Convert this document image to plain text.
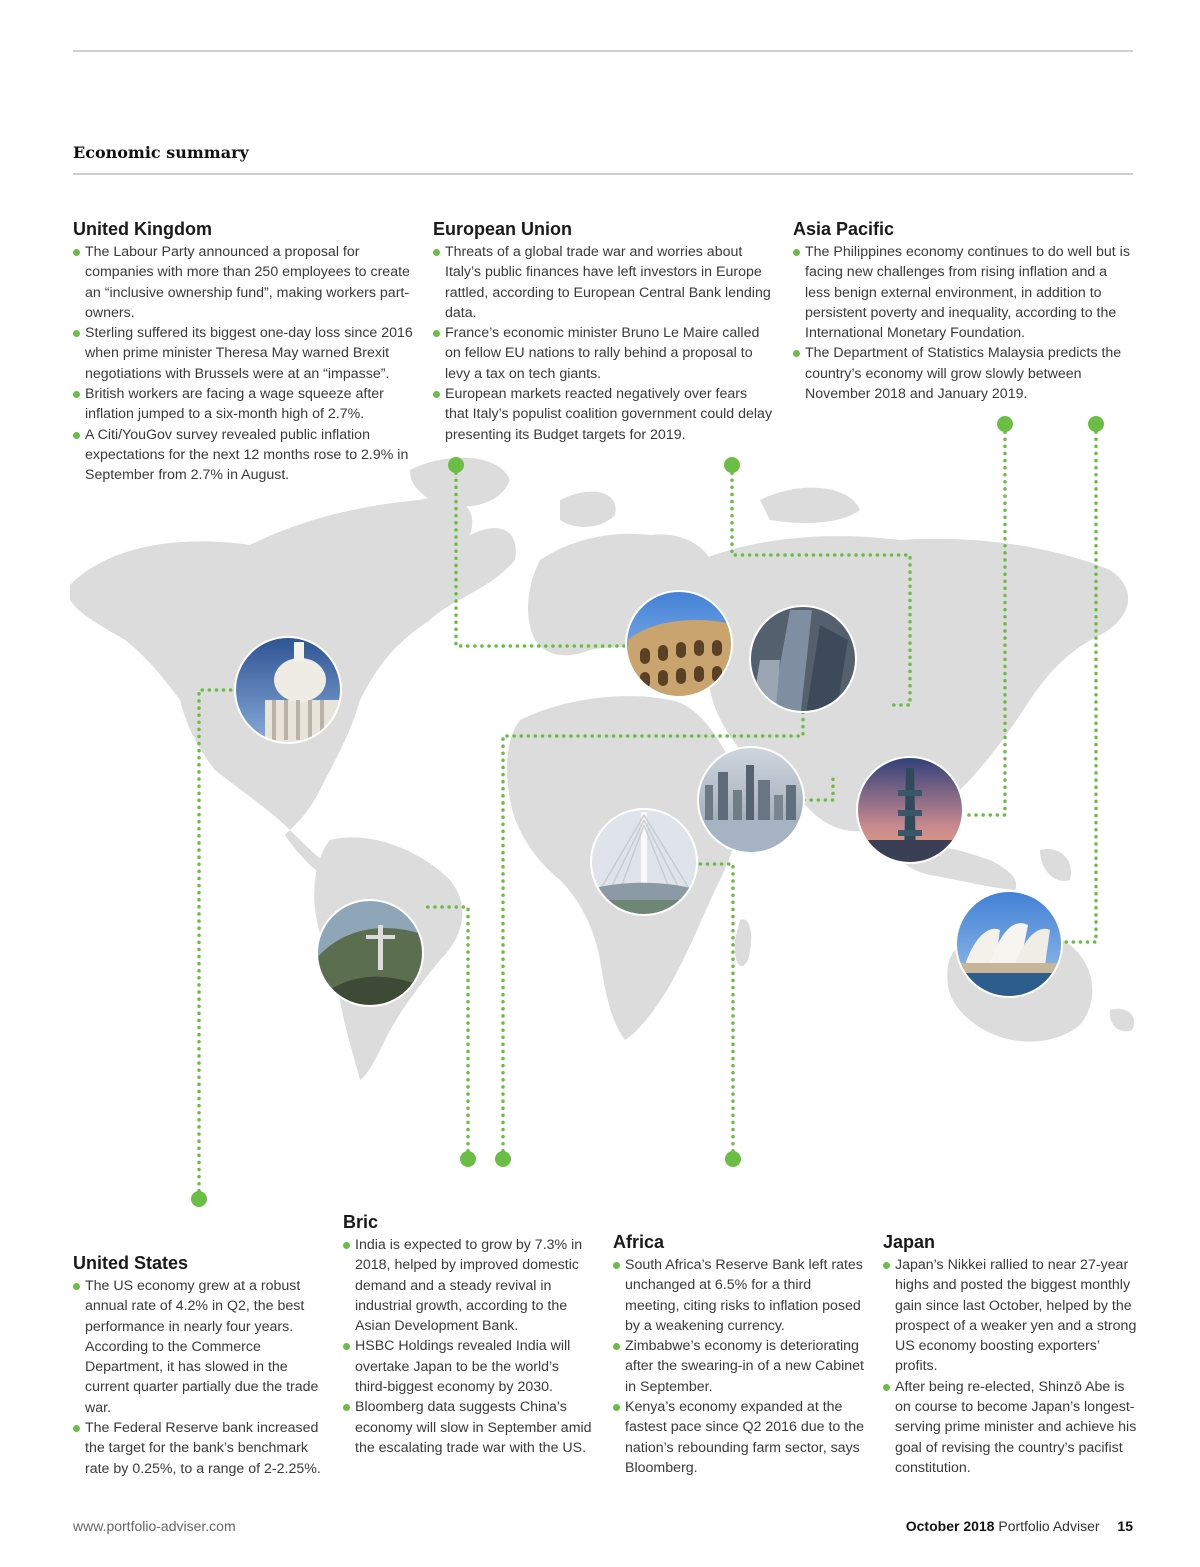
Economic summary
United Kingdom
The Labour Party announced a proposal for companies with more than 250 employees to create an “inclusive ownership fund”, making workers part-owners.
Sterling suffered its biggest one-day loss since 2016 when prime minister Theresa May warned Brexit negotiations with Brussels were at an “impasse”.
British workers are facing a wage squeeze after inflation jumped to a six-month high of 2.7%.
A Citi/YouGov survey revealed public inflation expectations for the next 12 months rose to 2.9% in September from 2.7% in August.
European Union
Threats of a global trade war and worries about Italy’s public finances have left investors in Europe rattled, according to European Central Bank lending data.
France’s economic minister Bruno Le Maire called on fellow EU nations to rally behind a proposal to levy a tax on tech giants.
European markets reacted negatively over fears that Italy’s populist coalition government could delay presenting its Budget targets for 2019.
Asia Pacific
The Philippines economy continues to do well but is facing new challenges from rising inflation and a less benign external environment, in addition to persistent poverty and inequality, according to the International Monetary Foundation.
The Department of Statistics Malaysia predicts the country’s economy will grow slowly between November 2018 and January 2019.
United States
The US economy grew at a robust annual rate of 4.2% in Q2, the best performance in nearly four years. According to the Commerce Department, it has slowed in the current quarter partially due the trade war.
The Federal Reserve bank increased the target for the bank’s benchmark rate by 0.25%, to a range of 2-2.25%.
Bric
India is expected to grow by 7.3% in 2018, helped by improved domestic demand and a steady revival in industrial growth, according to the Asian Development Bank.
HSBC Holdings revealed India will overtake Japan to be the world’s third-biggest economy by 2030.
Bloomberg data suggests China’s economy will slow in September amid the escalating trade war with the US.
Africa
South Africa’s Reserve Bank left rates unchanged at 6.5% for a third meeting, citing risks to inflation posed by a weakening currency.
Zimbabwe’s economy is deteriorating after the swearing-in of a new Cabinet in September.
Kenya’s economy expanded at the fastest pace since Q2 2016 due to the nation’s rebounding farm sector, says Bloomberg.
Japan
Japan’s Nikkei rallied to near 27-year highs and posted the biggest monthly gain since last October, helped by the prospect of a weaker yen and a strong US economy boosting exporters’ profits.
After being re-elected, Shinzō Abe is on course to become Japan’s longest-serving prime minister and achieve his goal of revising the country’s pacifist constitution.
www.portfolio-adviser.com	October 2018 Portfolio Adviser 15
